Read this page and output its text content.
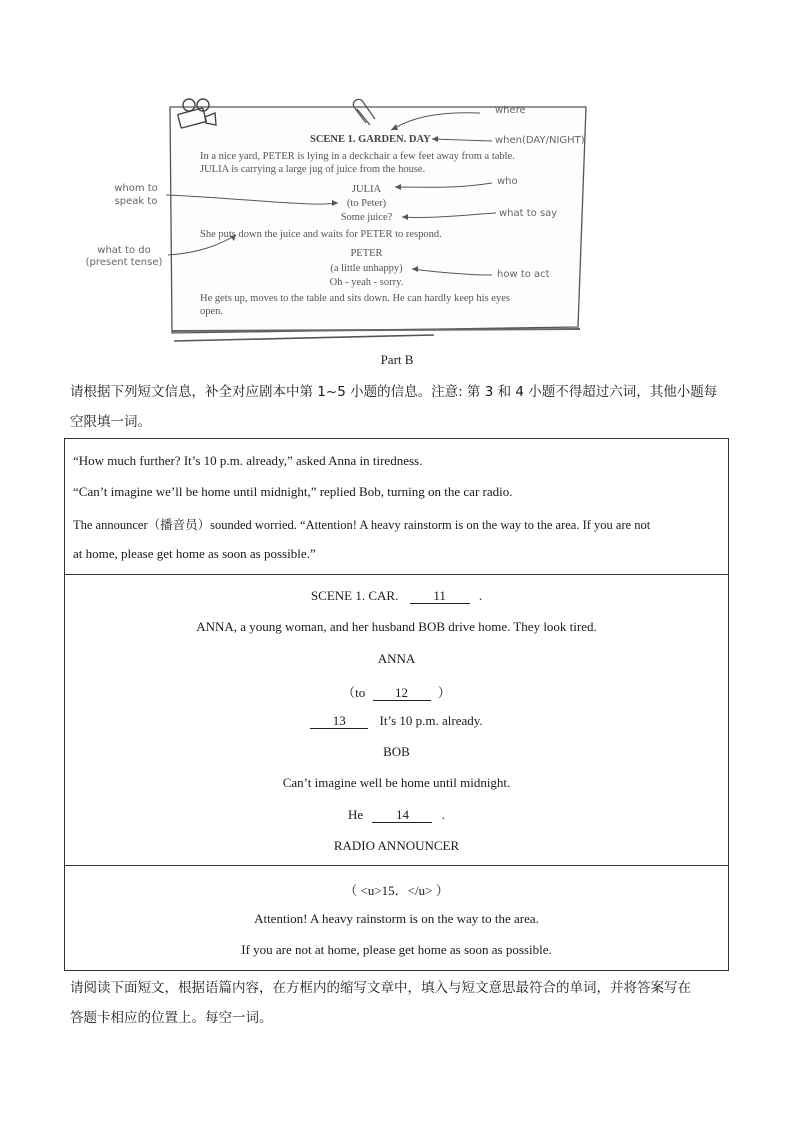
SCENE 1. GARDEN. DAY
In a nice yard, PETER is lying in a deckchair a few feet away from a table.
JULIA is carrying a large jug of juice from the house.
JULIA
(to Peter)
Some juice?
She puts down the juice and waits for PETER to respond.
PETER
(a little unhappy)
Oh - yeah - sorry.
He gets up, moves to the table and sits down. He can hardly keep his eyes
open.
where
when(DAY/NIGHT)
who
whom to
speak to
what to say
what to do
(present tense)
how to act
Part B
请根据下列短文信息，补全对应剧本中第 1~5 小题的信息。注意: 第 3 和 4 小题不得超过六词，其他小题每空限填一词。
“How much further? It’s 10 p.m. already,” asked Anna in tiredness.
“Can’t imagine we’ll be home until midnight,” replied Bob, turning on the car radio.
The announcer（播音员）sounded worried. “Attention! A heavy rainstorm is on the way to the area. If you are not
at home, please get home as soon as possible.”
SCENE 1. CAR.	11	.
ANNA, a young woman, and her husband BOB drive home. They look tired.
ANNA
（to 12 ）
13	It’s 10 p.m. already.
BOB
Can’t imagine well be home until midnight.
He	14	.
RADIO ANNOUNCER
（ <u>15．</u> ）
Attention! A heavy rainstorm is on the way to the area.
If you are not at home, please get home as soon as possible.
请阅读下面短文，根据语篇内容，在方框内的缩写文章中，填入与短文意思最符合的单词，并将答案写在
答题卡相应的位置上。每空一词。
